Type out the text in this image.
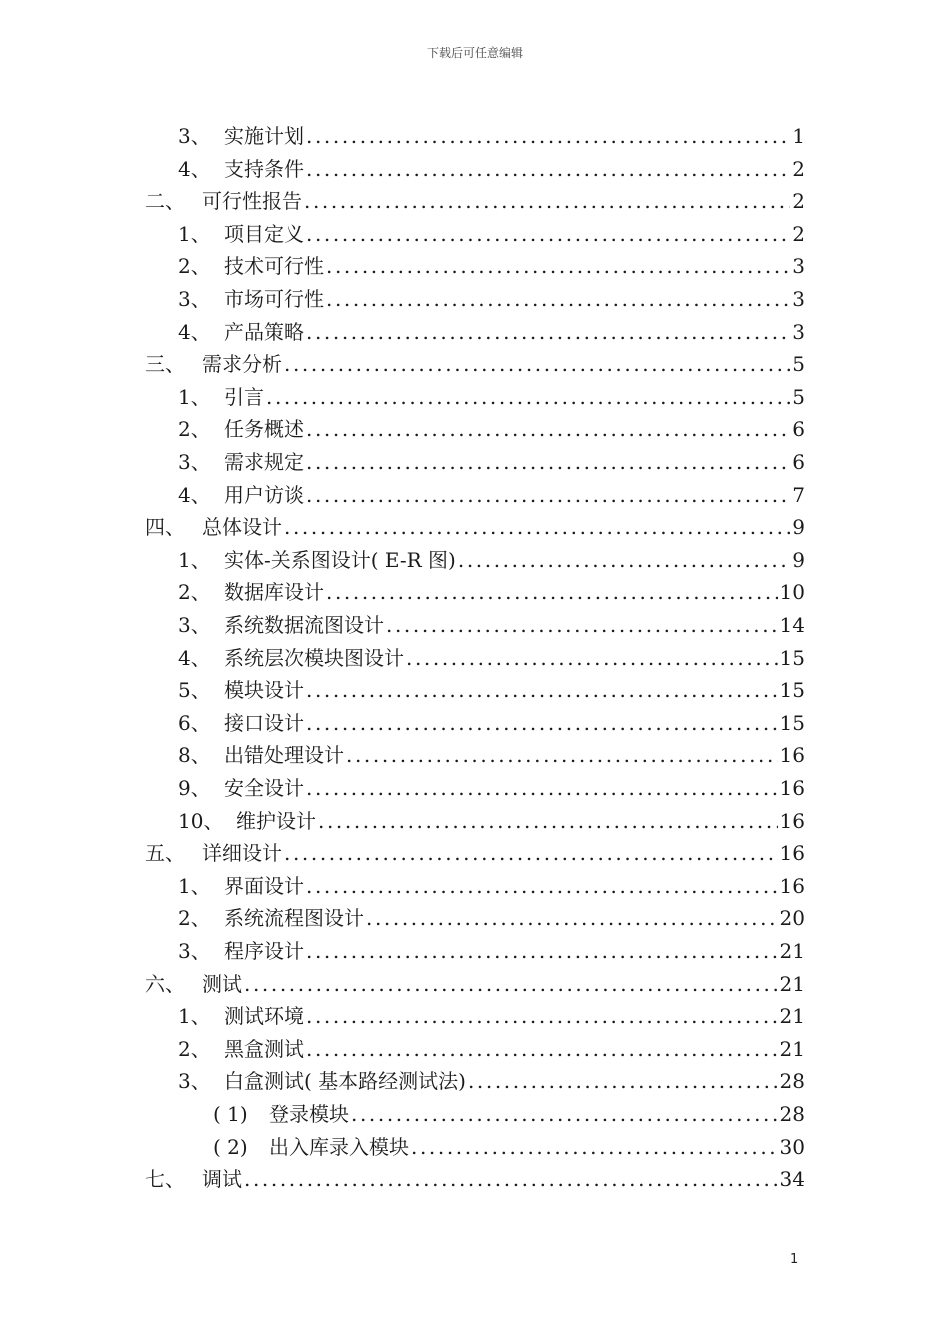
下载后可任意编辑
3、 实施计划 .....	1
4、 支持条件 .....	2
二、 可行性报告 .....	2
1、 项目定义 .....	2
2、 技术可行性 .....	3
3、 市场可行性 .....	3
4、 产品策略 .....	3
三、 需求分析 .....	5
1、 引言 .....	5
2、 任务概述 .....	6
3、 需求规定 .....	6
4、 用户访谈 .....	7
四、 总体设计 .....	9
1、 实体-关系图设计( E-R 图) .....	9
2、 数据库设计 .....	10
3、 系统数据流图设计 .....	14
4、 系统层次模块图设计 .....	15
5、 模块设计 .....	15
6、 接口设计 .....	15
8、 出错处理设计 .....	16
9、 安全设计 .....	16
10、 维护设计 .....	16
五、 详细设计 .....	16
1、 界面设计 .....	16
2、 系统流程图设计 .....	20
3、 程序设计 .....	21
六、 测试 .....	21
1、 测试环境 .....	21
2、 黑盒测试 .....	21
3、 白盒测试( 基本路经测试法) .....	28
( 1)	登录模块 .....	28
( 2)	出入库录入模块 .....	30
七、 调试 .....	34
1
